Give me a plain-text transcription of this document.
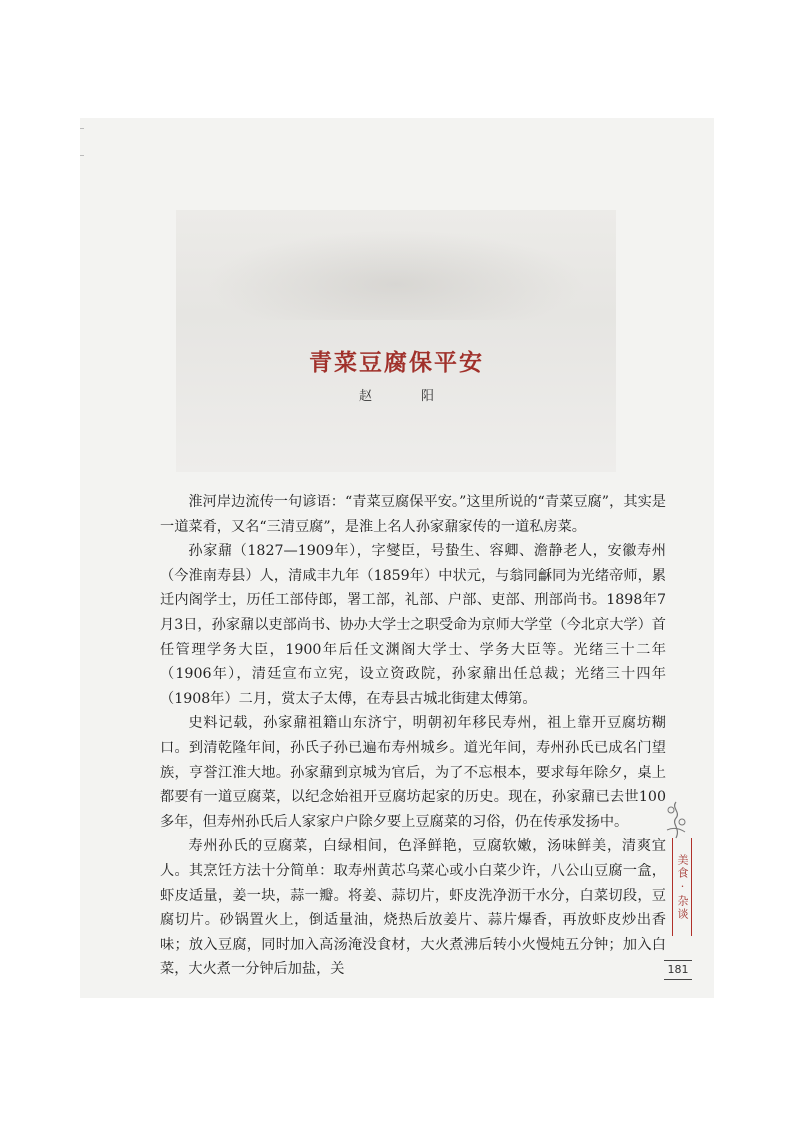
青菜豆腐保平安
赵　阳

淮河岸边流传一句谚语：“青菜豆腐保平安。”这里所说的“青菜豆腐”，其实是一道菜肴，又名“三清豆腐”，是淮上名人孙家鼐家传的一道私房菜。

孙家鼐（1827—1909年），字燮臣，号蛰生、容卿、澹静老人，安徽寿州（今淮南寿县）人，清咸丰九年（1859年）中状元，与翁同龢同为光绪帝师，累迁内阁学士，历任工部侍郎，署工部，礼部、户部、吏部、刑部尚书。1898年7月3日，孙家鼐以吏部尚书、协办大学士之职受命为京师大学堂（今北京大学）首任管理学务大臣，1900年后任文渊阁大学士、学务大臣等。光绪三十二年（1906年），清廷宣布立宪，设立资政院，孙家鼐出任总裁；光绪三十四年（1908年）二月，赏太子太傅，在寿县古城北街建太傅第。

史料记载，孙家鼐祖籍山东济宁，明朝初年移民寿州，祖上靠开豆腐坊糊口。到清乾隆年间，孙氏子孙已遍布寿州城乡。道光年间，寿州孙氏已成名门望族，亨誉江淮大地。孙家鼐到京城为官后，为了不忘根本，要求每年除夕，桌上都要有一道豆腐菜，以纪念始祖开豆腐坊起家的历史。现在，孙家鼐已去世100多年，但寿州孙氏后人家家户户除夕要上豆腐菜的习俗，仍在传承发扬中。

寿州孙氏的豆腐菜，白绿相间，色泽鲜艳，豆腐软嫩，汤味鲜美，清爽宜人。其烹饪方法十分简单：取寿州黄芯乌菜心或小白菜少许，八公山豆腐一盒，虾皮适量，姜一块，蒜一瓣。将姜、蒜切片，虾皮洗净沥干水分，白菜切段，豆腐切片。砂锅置火上，倒适量油，烧热后放姜片、蒜片爆香，再放虾皮炒出香味；放入豆腐，同时加入高汤淹没食材，大火煮沸后转小火慢炖五分钟；加入白菜，大火煮一分钟后加盐，关

美食·杂谈
181
